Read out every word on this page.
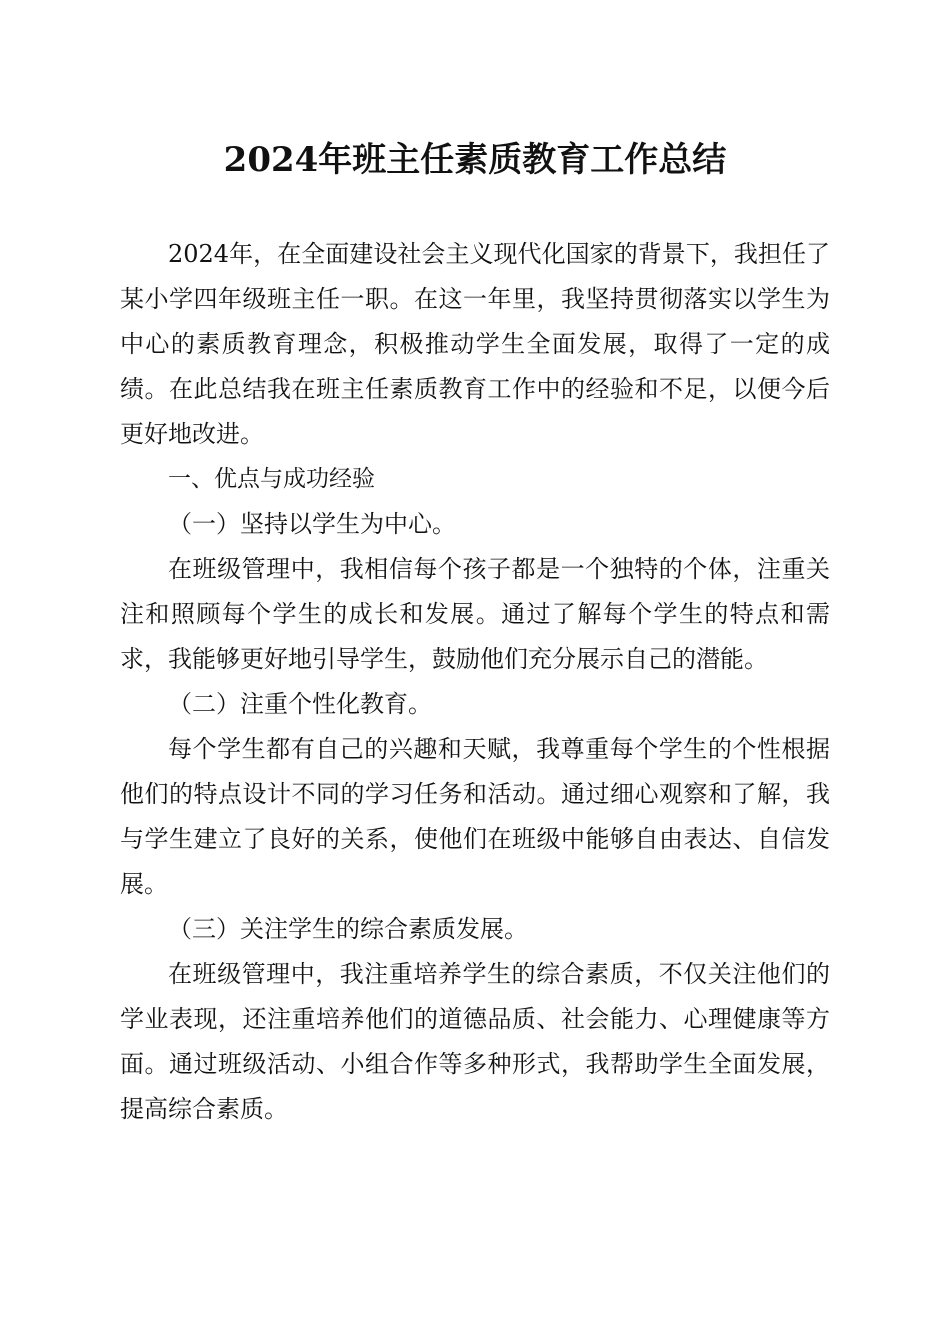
2024年班主任素质教育工作总结

2024年，在全面建设社会主义现代化国家的背景下，我担任了某小学四年级班主任一职。在这一年里，我坚持贯彻落实以学生为中心的素质教育理念，积极推动学生全面发展，取得了一定的成绩。在此总结我在班主任素质教育工作中的经验和不足，以便今后更好地改进。

一、优点与成功经验

（一）坚持以学生为中心。

在班级管理中，我相信每个孩子都是一个独特的个体，注重关注和照顾每个学生的成长和发展。通过了解每个学生的特点和需求，我能够更好地引导学生，鼓励他们充分展示自己的潜能。

（二）注重个性化教育。

每个学生都有自己的兴趣和天赋，我尊重每个学生的个性根据他们的特点设计不同的学习任务和活动。通过细心观察和了解，我与学生建立了良好的关系，使他们在班级中能够自由表达、自信发展。

（三）关注学生的综合素质发展。

在班级管理中，我注重培养学生的综合素质，不仅关注他们的学业表现，还注重培养他们的道德品质、社会能力、心理健康等方面。通过班级活动、小组合作等多种形式，我帮助学生全面发展，提高综合素质。
